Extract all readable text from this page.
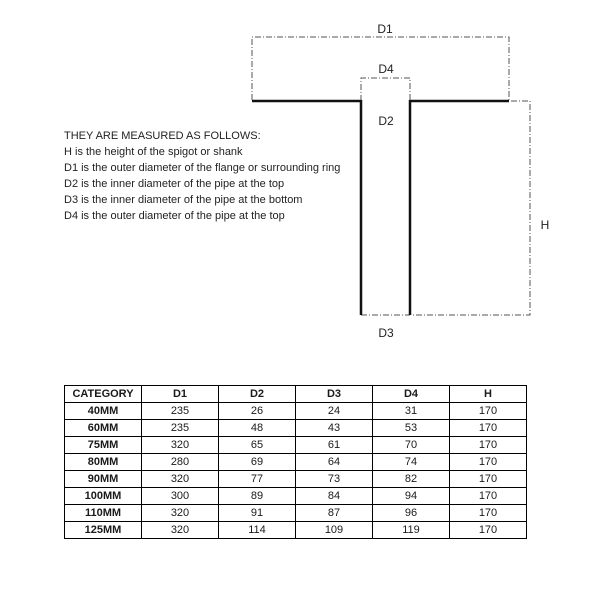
D1
D4
D2
D3
H
THEY ARE MEASURED AS FOLLOWS:
H is the height of the spigot or shank
D1 is the outer diameter of the flange or surrounding ring
D2 is the inner diameter of the pipe at the top
D3 is the inner diameter of the pipe at the bottom
D4 is the outer diameter of the pipe at the top
CATEGORY	D1	D2	D3	D4	H
40MM	235	26	24	31	170
60MM	235	48	43	53	170
75MM	320	65	61	70	170
80MM	280	69	64	74	170
90MM	320	77	73	82	170
100MM	300	89	84	94	170
110MM	320	91	87	96	170
125MM	320	114	109	119	170
